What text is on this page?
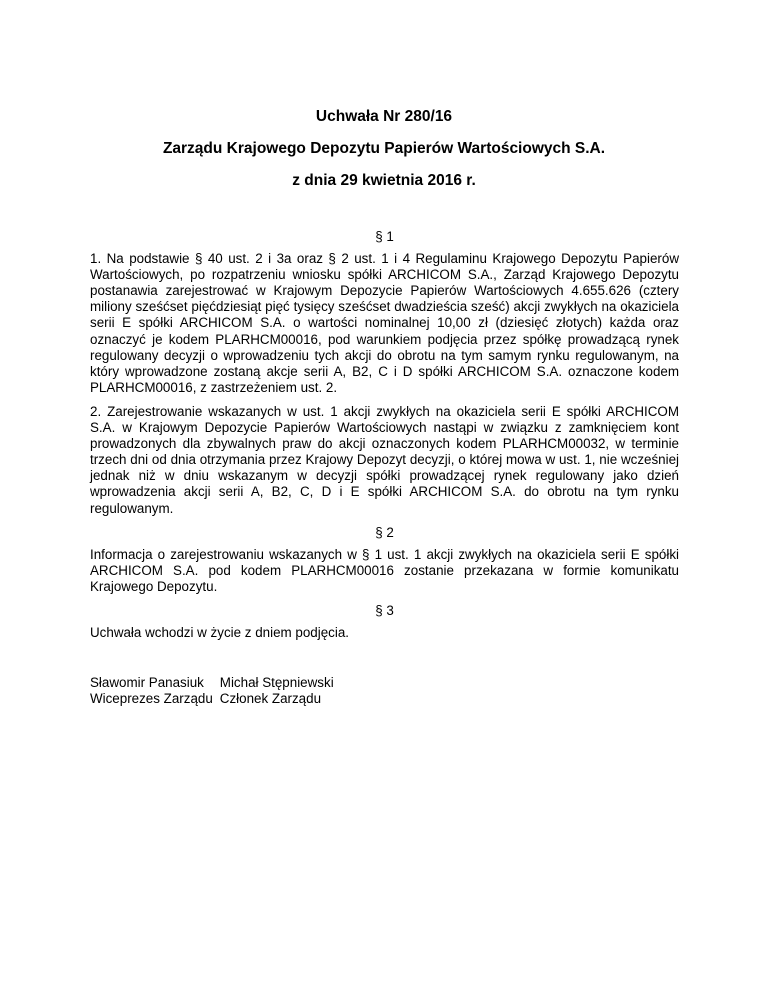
Uchwała Nr 280/16

Zarządu Krajowego Depozytu Papierów Wartościowych S.A.

z dnia 29 kwietnia 2016 r.

§ 1

1. Na podstawie § 40 ust. 2 i 3a oraz § 2 ust. 1 i 4 Regulaminu Krajowego Depozytu Papierów Wartościowych, po rozpatrzeniu wniosku spółki ARCHICOM S.A., Zarząd Krajowego Depozytu postanawia zarejestrować w Krajowym Depozycie Papierów Wartościowych 4.655.626 (cztery miliony sześćset pięćdziesiąt pięć tysięcy sześćset dwadzieścia sześć) akcji zwykłych na okaziciela serii E spółki ARCHICOM S.A. o wartości nominalnej 10,00 zł (dziesięć złotych) każda oraz oznaczyć je kodem PLARHCM00016, pod warunkiem podjęcia przez spółkę prowadzącą rynek regulowany decyzji o wprowadzeniu tych akcji do obrotu na tym samym rynku regulowanym, na który wprowadzone zostaną akcje serii A, B2, C i D spółki ARCHICOM S.A. oznaczone kodem PLARHCM00016, z zastrzeżeniem ust. 2.

2. Zarejestrowanie wskazanych w ust. 1 akcji zwykłych na okaziciela serii E spółki ARCHICOM S.A. w Krajowym Depozycie Papierów Wartościowych nastąpi w związku z zamknięciem kont prowadzonych dla zbywalnych praw do akcji oznaczonych kodem PLARHCM00032, w terminie trzech dni od dnia otrzymania przez Krajowy Depozyt decyzji, o której mowa w ust. 1, nie wcześniej jednak niż w dniu wskazanym w decyzji spółki prowadzącej rynek regulowany jako dzień wprowadzenia akcji serii A, B2, C, D i E spółki ARCHICOM S.A. do obrotu na tym rynku regulowanym.

§ 2

Informacja o zarejestrowaniu wskazanych w § 1 ust. 1 akcji zwykłych na okaziciela serii E spółki ARCHICOM S.A. pod kodem PLARHCM00016 zostanie przekazana w formie komunikatu Krajowego Depozytu.

§ 3

Uchwała wchodzi w życie z dniem podjęcia.

Sławomir Panasiuk
Wiceprezes Zarządu
Michał Stępniewski
Członek Zarządu
